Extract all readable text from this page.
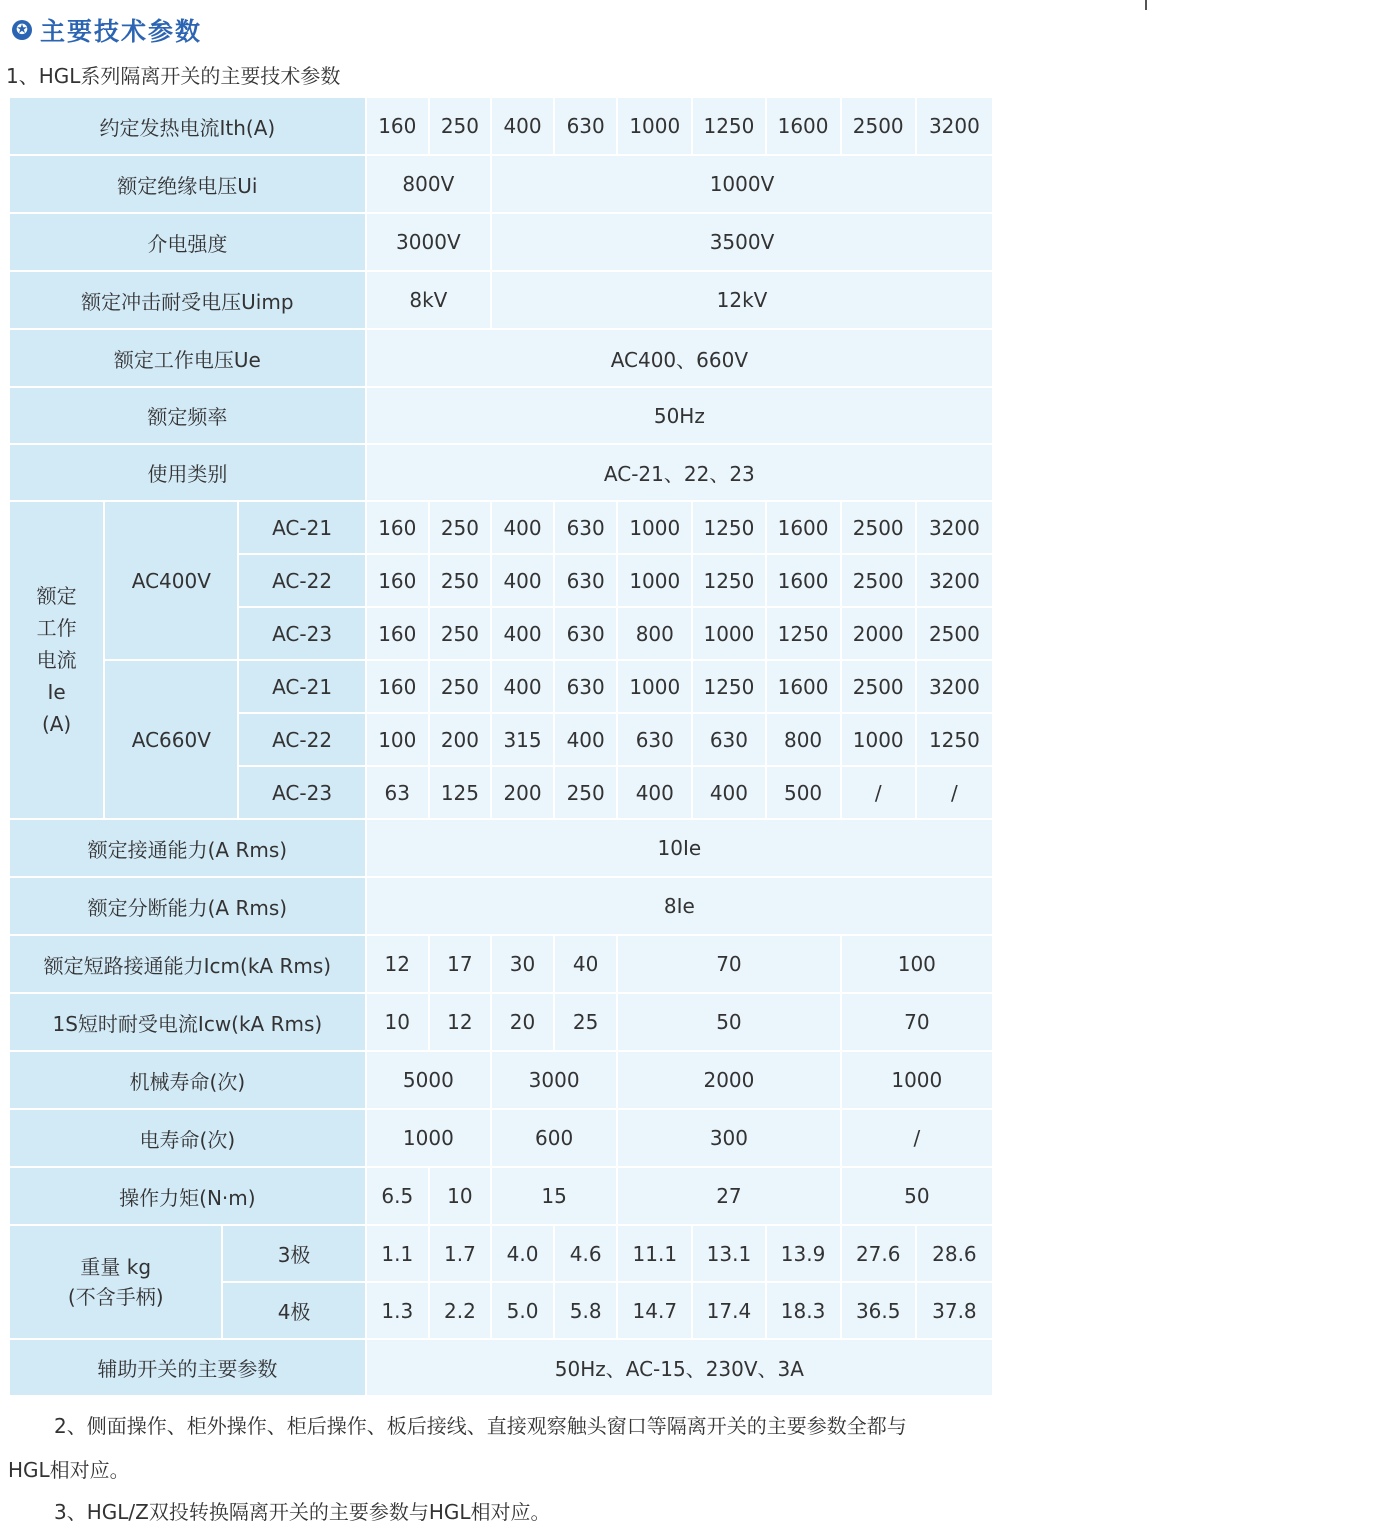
✪ 主要技术参数
1、HGL系列隔离开关的主要技术参数
约定发热电流Ith(A)				160	250	400	630	1000	1250	1600	2500	3200
额定绝缘电压Ui				800V		1000V						
介电强度				3000V		3500V						
额定冲击耐受电压Uimp				8kV		12kV						
额定工作电压Ue				AC400、660V								
额定频率				50Hz								
使用类别				AC-21、22、23								
额定
工作
电流
Ie
(A)	AC400V		AC-21	160	250	400	630	1000	1250	1600	2500	3200
			AC-22	160	250	400	630	1000	1250	1600	2500	3200
			AC-23	160	250	400	630	800	1000	1250	2000	2500
	AC660V		AC-21	160	250	400	630	1000	1250	1600	2500	3200
			AC-22	100	200	315	400	630	630	800	1000	1250
			AC-23	63	125	200	250	400	400	500	/	/
额定接通能力(A Rms)				10Ie								
额定分断能力(A Rms)				8Ie								
额定短路接通能力Icm(kA Rms)				12	17	30	40	70			100	
1S短时耐受电流Icw(kA Rms)				10	12	20	25	50			70	
机械寿命(次)				5000		3000		2000			1000	
电寿命(次)				1000		600		300			/	
操作力矩(N·m)				6.5	10	15		27			50	
重量 kg
(不含手柄)		3极		1.1	1.7	4.0	4.6	11.1	13.1	13.9	27.6	28.6
		4极		1.3	2.2	5.0	5.8	14.7	17.4	18.3	36.5	37.8
辅助开关的主要参数				50Hz、AC-15、230V、3A								
2、侧面操作、柜外操作、柜后操作、板后接线、直接观察触头窗口等隔离开关的主要参数全都与
HGL相对应。
3、HGL/Z双投转换隔离开关的主要参数与HGL相对应。
